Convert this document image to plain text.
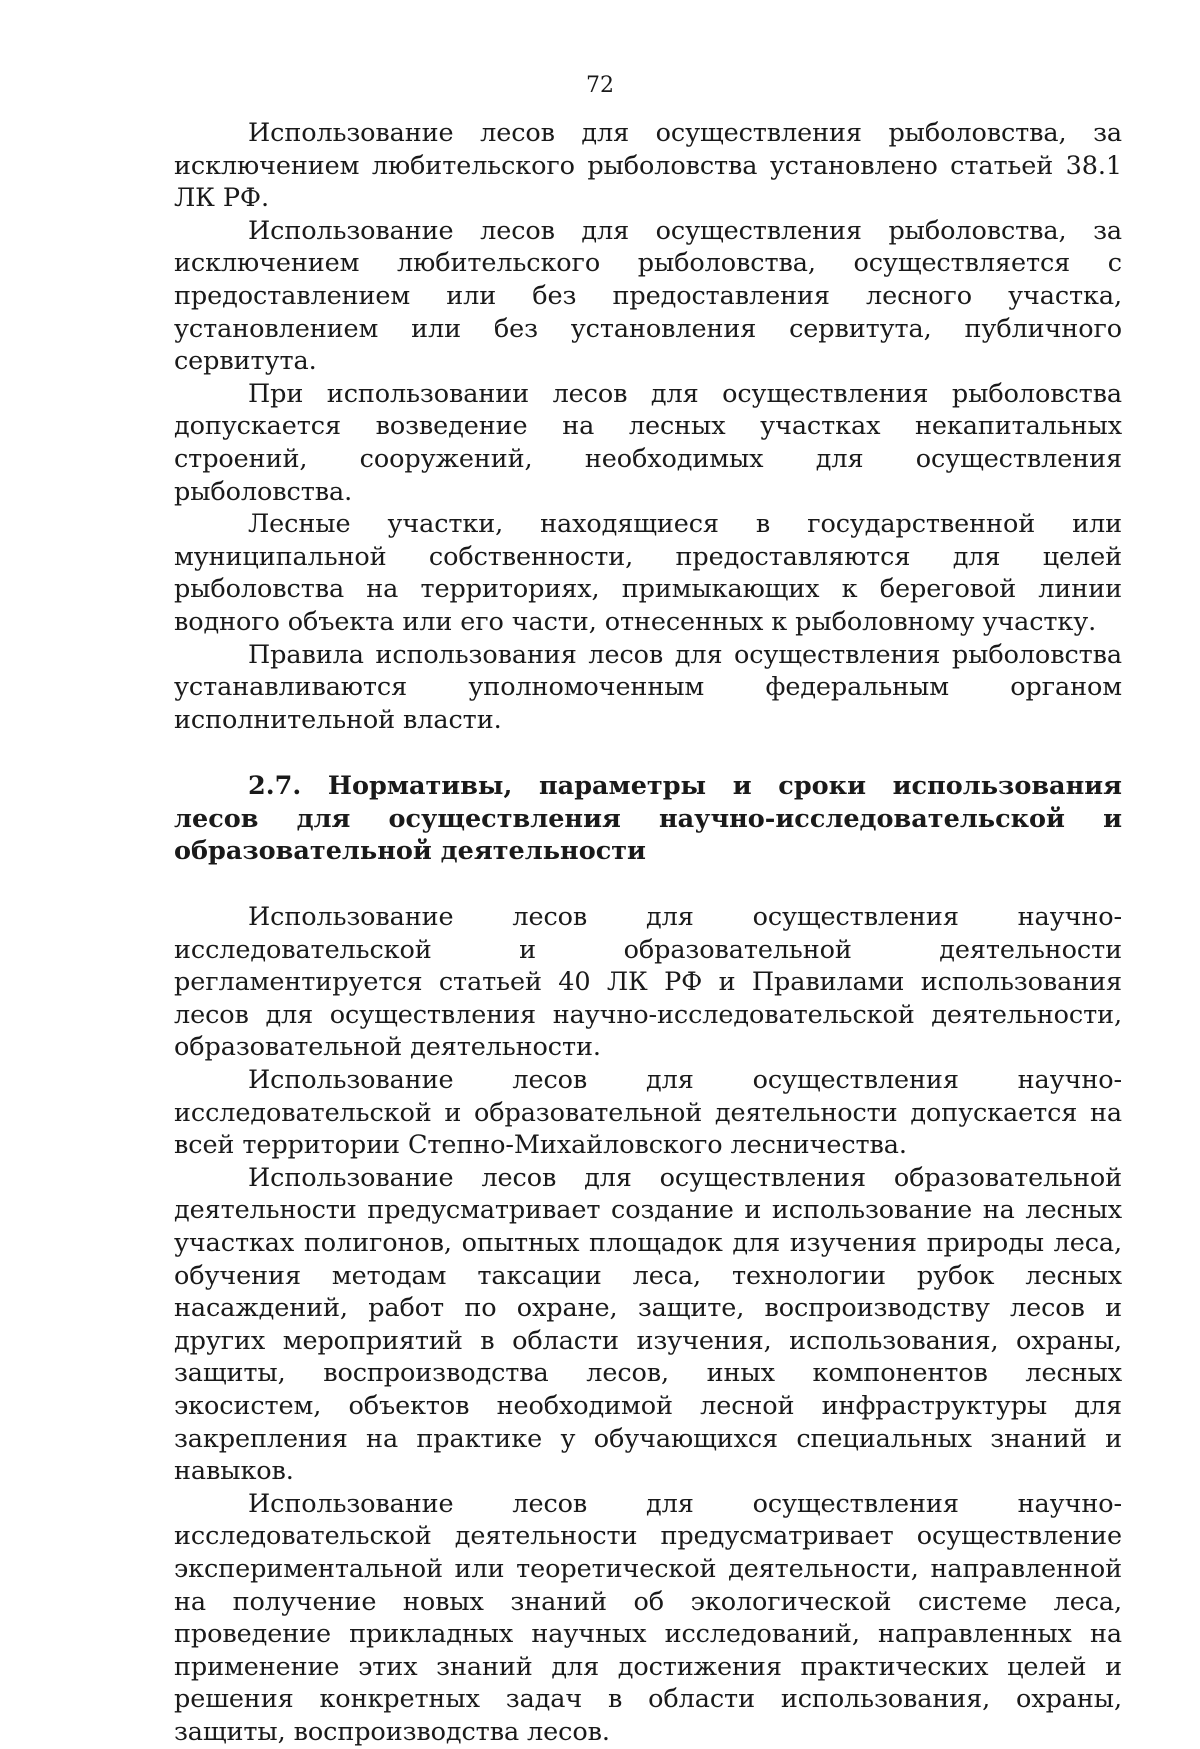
72

Использование лесов для осуществления рыболовства, за исключением любительского рыболовства установлено статьей 38.1 ЛК РФ.

Использование лесов для осуществления рыболовства, за исключением любительского рыболовства, осуществляется с предоставлением или без предоставления лесного участка, установлением или без установления сервитута, публичного сервитута.

При использовании лесов для осуществления рыболовства допускается возведение на лесных участках некапитальных строений, сооружений, необходимых для осуществления рыболовства.

Лесные участки, находящиеся в государственной или муниципальной собственности, предоставляются для целей рыболовства на территориях, примыкающих к береговой линии водного объекта или его части, отнесенных к рыболовному участку.

Правила использования лесов для осуществления рыболовства устанавливаются уполномоченным федеральным органом исполнительной власти.

2.7. Нормативы, параметры и сроки использования лесов для осуществления научно-исследовательской и образовательной деятельности

Использование лесов для осуществления научно-исследовательской и образовательной деятельности регламентируется статьей 40 ЛК РФ и Правилами использования лесов для осуществления научно-исследовательской деятельности, образовательной деятельности.

Использование лесов для осуществления научно-исследовательской и образовательной деятельности допускается на всей территории Степно-Михайловского лесничества.

Использование лесов для осуществления образовательной деятельности предусматривает создание и использование на лесных участках полигонов, опытных площадок для изучения природы леса, обучения методам таксации леса, технологии рубок лесных насаждений, работ по охране, защите, воспроизводству лесов и других мероприятий в области изучения, использования, охраны, защиты, воспроизводства лесов, иных компонентов лесных экосистем, объектов необходимой лесной инфраструктуры для закрепления на практике у обучающихся специальных знаний и навыков.

Использование лесов для осуществления научно-исследовательской деятельности предусматривает осуществление экспериментальной или теоретической деятельности, направленной на получение новых знаний об экологической системе леса, проведение прикладных научных исследований, направленных на применение этих знаний для достижения практических целей и решения конкретных задач в области использования, охраны, защиты, воспроизводства лесов.
